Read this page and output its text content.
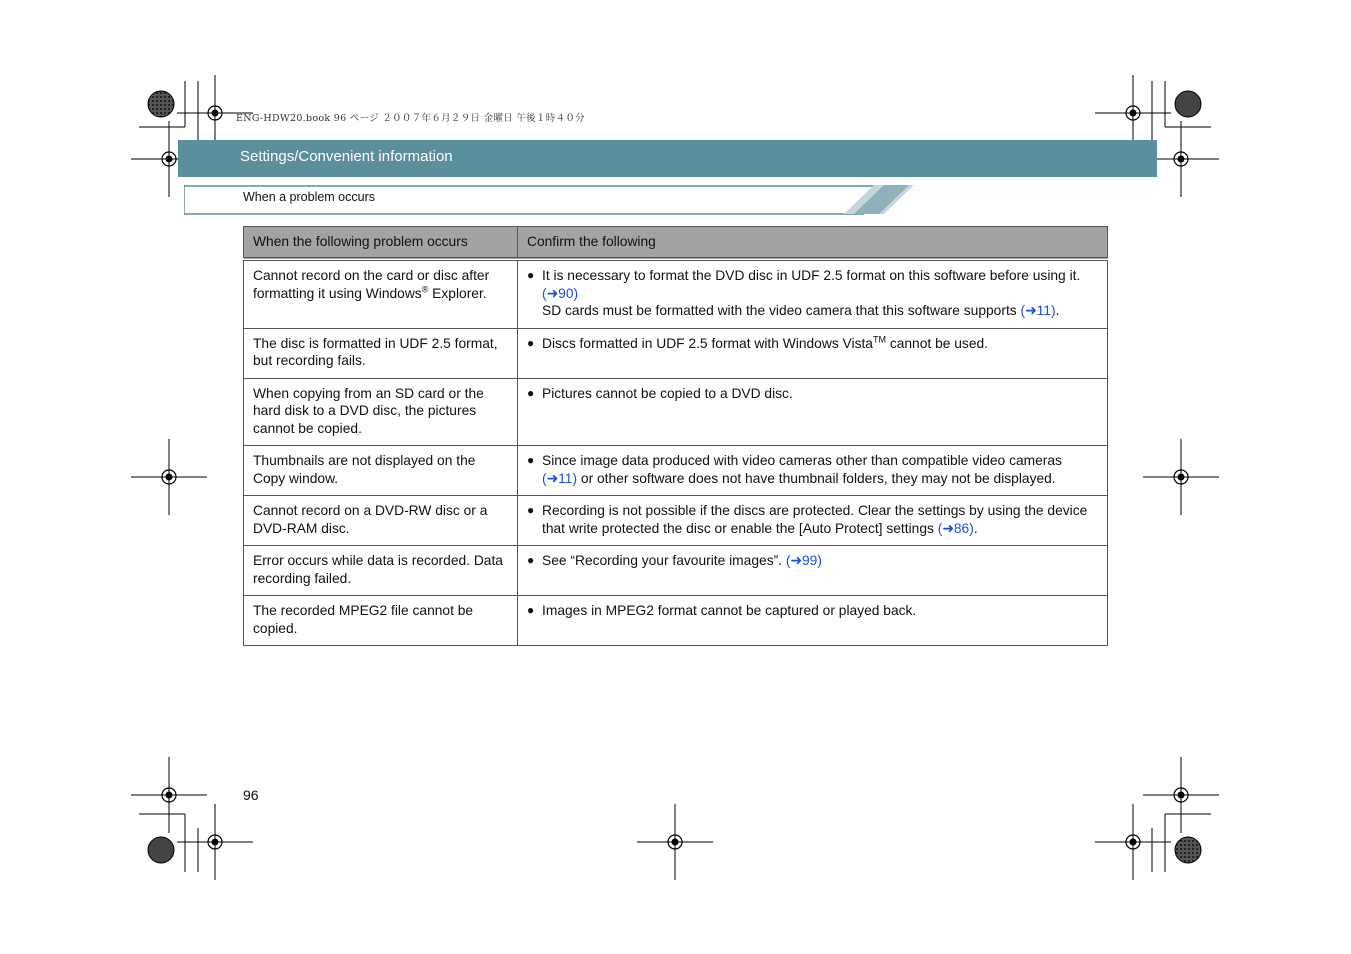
ENG-HDW20.book 96 ページ ２００７年６月２９日 金曜日 午後１時４０分
Settings/Convenient information
When a problem occurs
When the following problem occurs	Confirm the following
Cannot record on the card or disc after formatting it using Windows® Explorer.	● It is necessary to format the DVD disc in UDF 2.5 format on this software before using it.
(➜90)
SD cards must be formatted with the video camera that this software supports (➜11).

The disc is formatted in UDF 2.5 format, but recording fails.	● Discs formatted in UDF 2.5 format with Windows Vista™ cannot be used.

When copying from an SD card or the hard disk to a DVD disc, the pictures cannot be copied.	● Pictures cannot be copied to a DVD disc.

Thumbnails are not displayed on the Copy window.	● Since image data produced with video cameras other than compatible video cameras (➜11) or other software does not have thumbnail folders, they may not be displayed.

Cannot record on a DVD-RW disc or a DVD-RAM disc.	● Recording is not possible if the discs are protected. Clear the settings by using the device that write protected the disc or enable the [Auto Protect] settings (➜86).

Error occurs while data is recorded. Data recording failed.	● See “Recording your favourite images”. (➜99)

The recorded MPEG2 file cannot be copied.	● Images in MPEG2 format cannot be captured or played back.
96
